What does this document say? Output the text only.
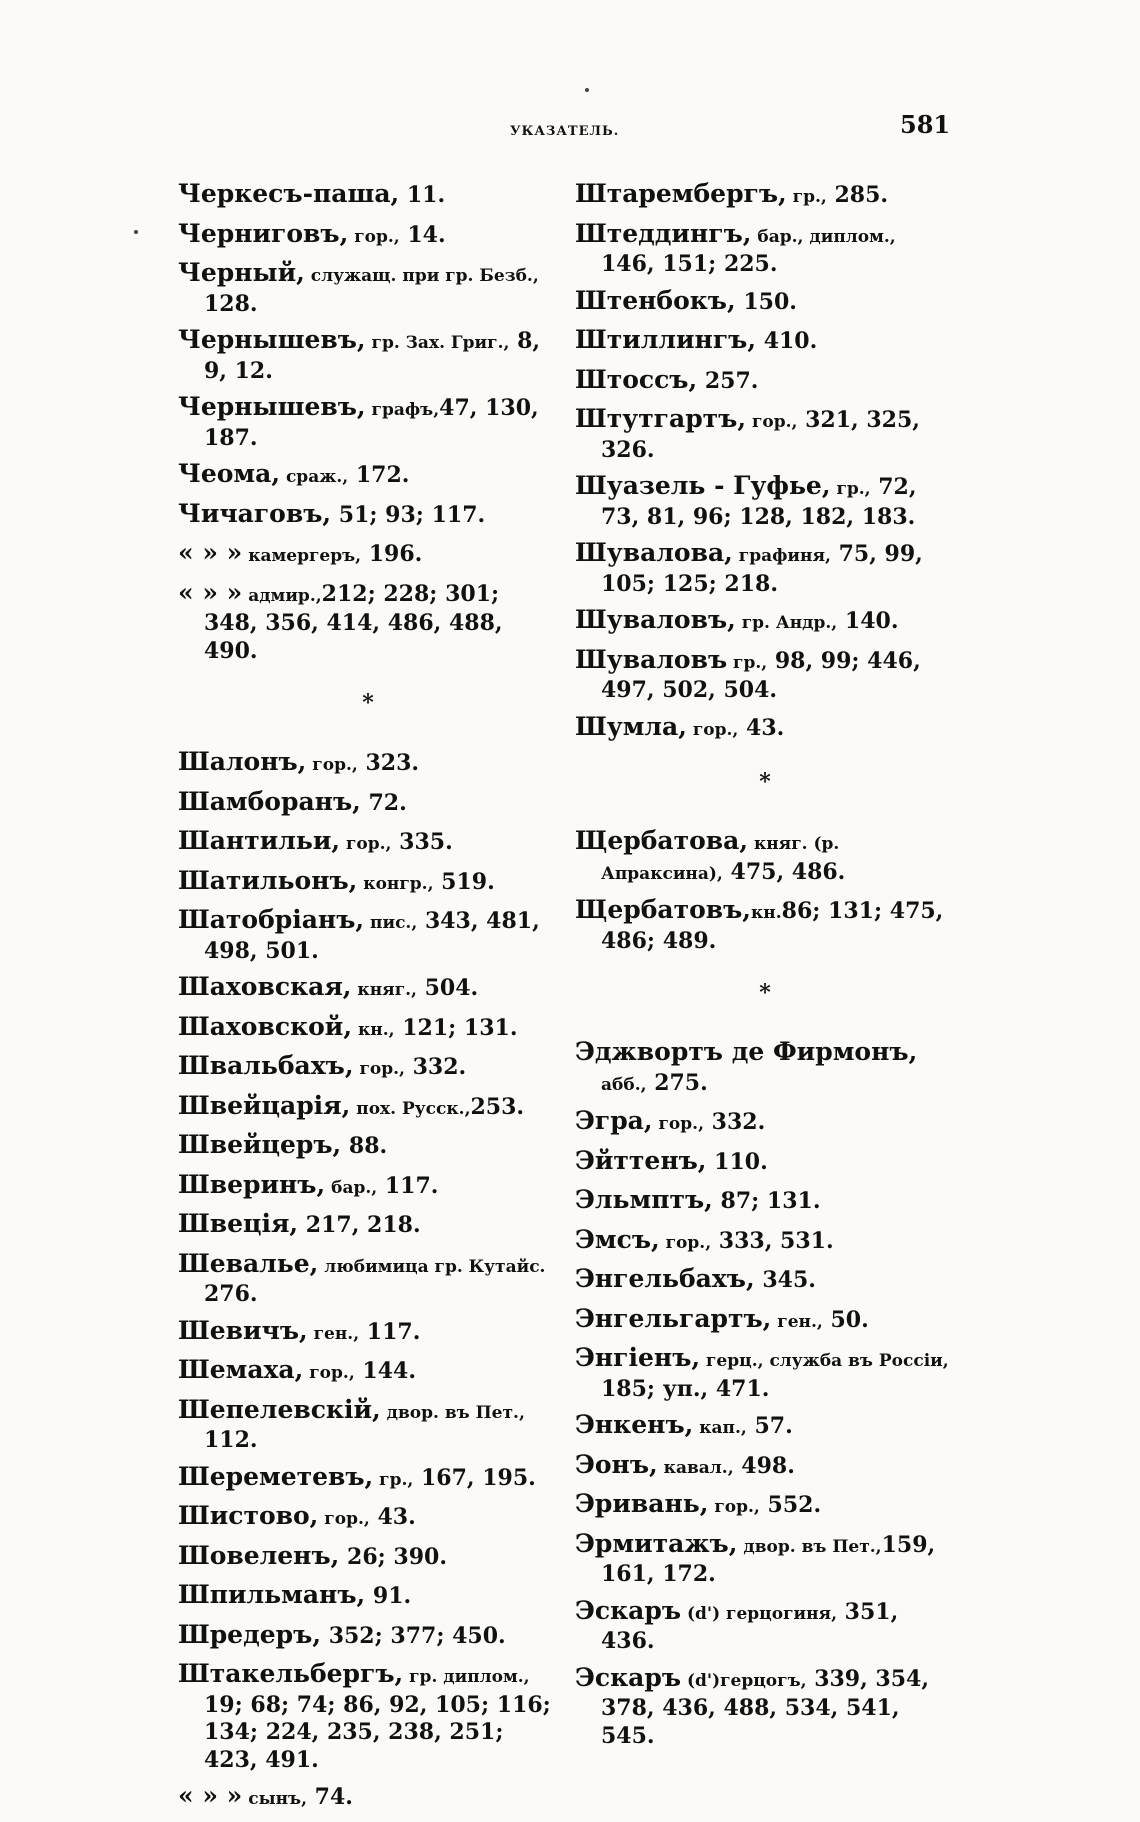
УКАЗАТЕЛЬ.	581
Черкесъ-паша, 11.
Черниговъ, гор., 14.
Черный, служащ. при гр. Безб., 128.
Чернышевъ, гр. Зах. Григ., 8, 9, 12.
Чернышевъ, графъ,47, 130, 187.
Чеома, сраж., 172.
Чичаговъ, 51; 93; 117.
« » » камергеръ, 196.
« » » адмир.,212; 228; 301; 348, 356, 414, 486, 488, 490.
*
Шалонъ, гор., 323.
Шамборанъ, 72.
Шантильи, гор., 335.
Шатильонъ, конгр., 519.
Шатобріанъ, пис., 343, 481, 498, 501.
Шаховская, княг., 504.
Шаховской, кн., 121; 131.
Швальбахъ, гор., 332.
Швейцарія, пох. Русск.,253.
Швейцеръ, 88.
Шверинъ, бар., 117.
Швеція, 217, 218.
Шевалье, любимица гр. Кутайс. 276.
Шевичъ, ген., 117.
Шемаха, гор., 144.
Шепелевскій, двор. въ Пет., 112.
Шереметевъ, гр., 167, 195.
Шистово, гор., 43.
Шовеленъ, 26; 390.
Шпильманъ, 91.
Шредеръ, 352; 377; 450.
Штакельбергъ, гр. диплом., 19; 68; 74; 86, 92, 105; 116; 134; 224, 235, 238, 251; 423, 491.
« » » сынъ, 74.
Штарембергъ, гр., 285.
Штеддингъ, бар., диплом., 146, 151; 225.
Штенбокъ, 150.
Штиллингъ, 410.
Штоссъ, 257.
Штутгартъ, гор., 321, 325, 326.
Шуазель - Гуфье, гр., 72, 73, 81, 96; 128, 182, 183.
Шувалова, графиня, 75, 99, 105; 125; 218.
Шуваловъ, гр. Андр., 140.
Шуваловъ гр., 98, 99; 446, 497, 502, 504.
Шумла, гор., 43.
*
Щербатова, княг. (р. Апраксина), 475, 486.
Щербатовъ,кн.86; 131; 475, 486; 489.
*
Эджвортъ де Фирмонъ, абб., 275.
Эгра, гор., 332.
Эйттенъ, 110.
Эльмптъ, 87; 131.
Эмсъ, гор., 333, 531.
Энгельбахъ, 345.
Энгельгартъ, ген., 50.
Энгіенъ, герц., служба въ Россіи, 185; уп., 471.
Энкенъ, кап., 57.
Эонъ, кавал., 498.
Эривань, гор., 552.
Эрмитажъ, двор. въ Пет.,159, 161, 172.
Эскаръ (d') герцогиня, 351, 436.
Эскаръ (d')герцогъ, 339, 354, 378, 436, 488, 534, 541, 545.
